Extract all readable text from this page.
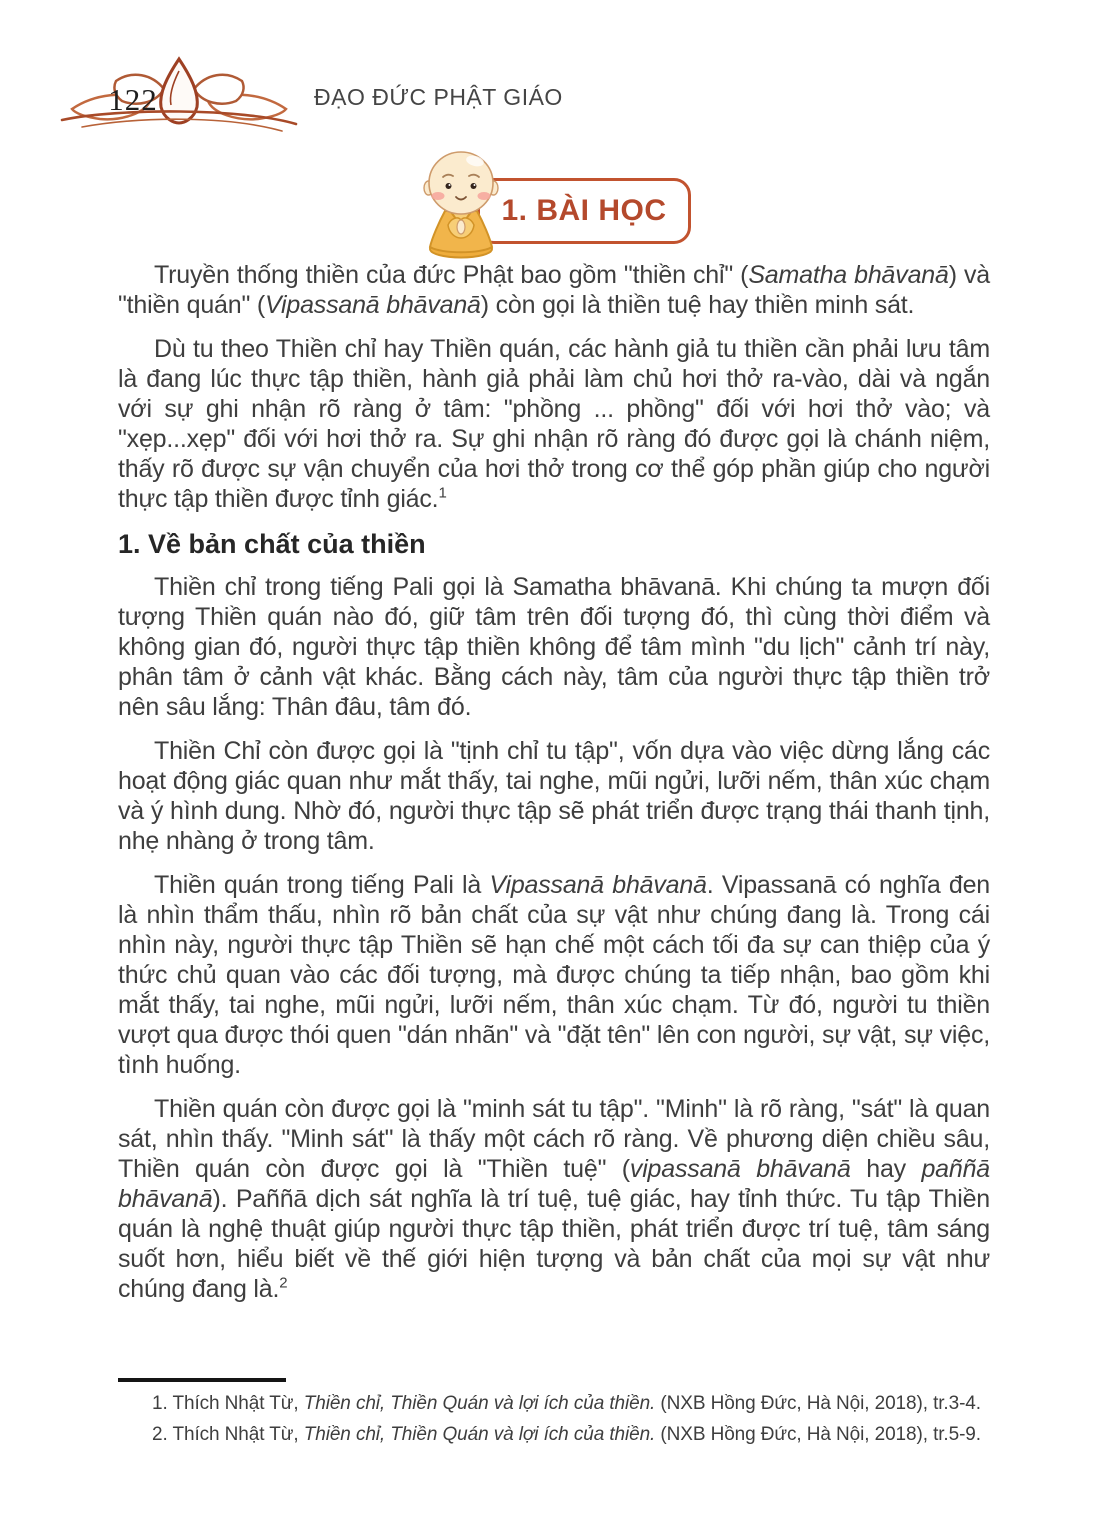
122	ĐẠO ĐỨC PHẬT GIÁO
1. BÀI HỌC

Truyền thống thiền của đức Phật bao gồm "thiền chỉ" (Samatha bhāvanā) và "thiền quán" (Vipassanā bhāvanā) còn gọi là thiền tuệ hay thiền minh sát.

Dù tu theo Thiền chỉ hay Thiền quán, các hành giả tu thiền cần phải lưu tâm là đang lúc thực tập thiền, hành giả phải làm chủ hơi thở ra-vào, dài và ngắn với sự ghi nhận rõ ràng ở tâm: "phồng ... phồng" đối với hơi thở vào; và "xẹp...xẹp" đối với hơi thở ra. Sự ghi nhận rõ ràng đó được gọi là chánh niệm, thấy rõ được sự vận chuyển của hơi thở trong cơ thể góp phần giúp cho người thực tập thiền được tỉnh giác.$^1$

1. Về bản chất của thiền

Thiền chỉ trong tiếng Pali gọi là Samatha bhāvanā. Khi chúng ta mượn đối tượng Thiền quán nào đó, giữ tâm trên đối tượng đó, thì cùng thời điểm và không gian đó, người thực tập thiền không để tâm mình "du lịch" cảnh trí này, phân tâm ở cảnh vật khác. Bằng cách này, tâm của người thực tập thiền trở nên sâu lắng: Thân đâu, tâm đó.

Thiền Chỉ còn được gọi là "tịnh chỉ tu tập", vốn dựa vào việc dừng lắng các hoạt động giác quan như mắt thấy, tai nghe, mũi ngửi, lưỡi nếm, thân xúc chạm và ý hình dung. Nhờ đó, người thực tập sẽ phát triển được trạng thái thanh tịnh, nhẹ nhàng ở trong tâm.

Thiền quán trong tiếng Pali là Vipassanā bhāvanā. Vipassanā có nghĩa đen là nhìn thẩm thấu, nhìn rõ bản chất của sự vật như chúng đang là. Trong cái nhìn này, người thực tập Thiền sẽ hạn chế một cách tối đa sự can thiệp của ý thức chủ quan vào các đối tượng, mà được chúng ta tiếp nhận, bao gồm khi mắt thấy, tai nghe, mũi ngửi, lưỡi nếm, thân xúc chạm. Từ đó, người tu thiền vượt qua được thói quen "dán nhãn" và "đặt tên" lên con người, sự vật, sự việc, tình huống.

Thiền quán còn được gọi là "minh sát tu tập". "Minh" là rõ ràng, "sát" là quan sát, nhìn thấy. "Minh sát" là thấy một cách rõ ràng. Về phương diện chiều sâu, Thiền quán còn được gọi là "Thiền tuệ" (vipassanā bhāvanā hay paññā bhāvanā). Paññā dịch sát nghĩa là trí tuệ, tuệ giác, hay tỉnh thức. Tu tập Thiền quán là nghệ thuật giúp người thực tập thiền, phát triển được trí tuệ, tâm sáng suốt hơn, hiểu biết về thế giới hiện tượng và bản chất của mọi sự vật như chúng đang là.$^2$

1. Thích Nhật Từ, Thiền chỉ, Thiền Quán và lợi ích của thiền. (NXB Hồng Đức, Hà Nội, 2018), tr.3-4.
2. Thích Nhật Từ, Thiền chỉ, Thiền Quán và lợi ích của thiền. (NXB Hồng Đức, Hà Nội, 2018), tr.5-9.
